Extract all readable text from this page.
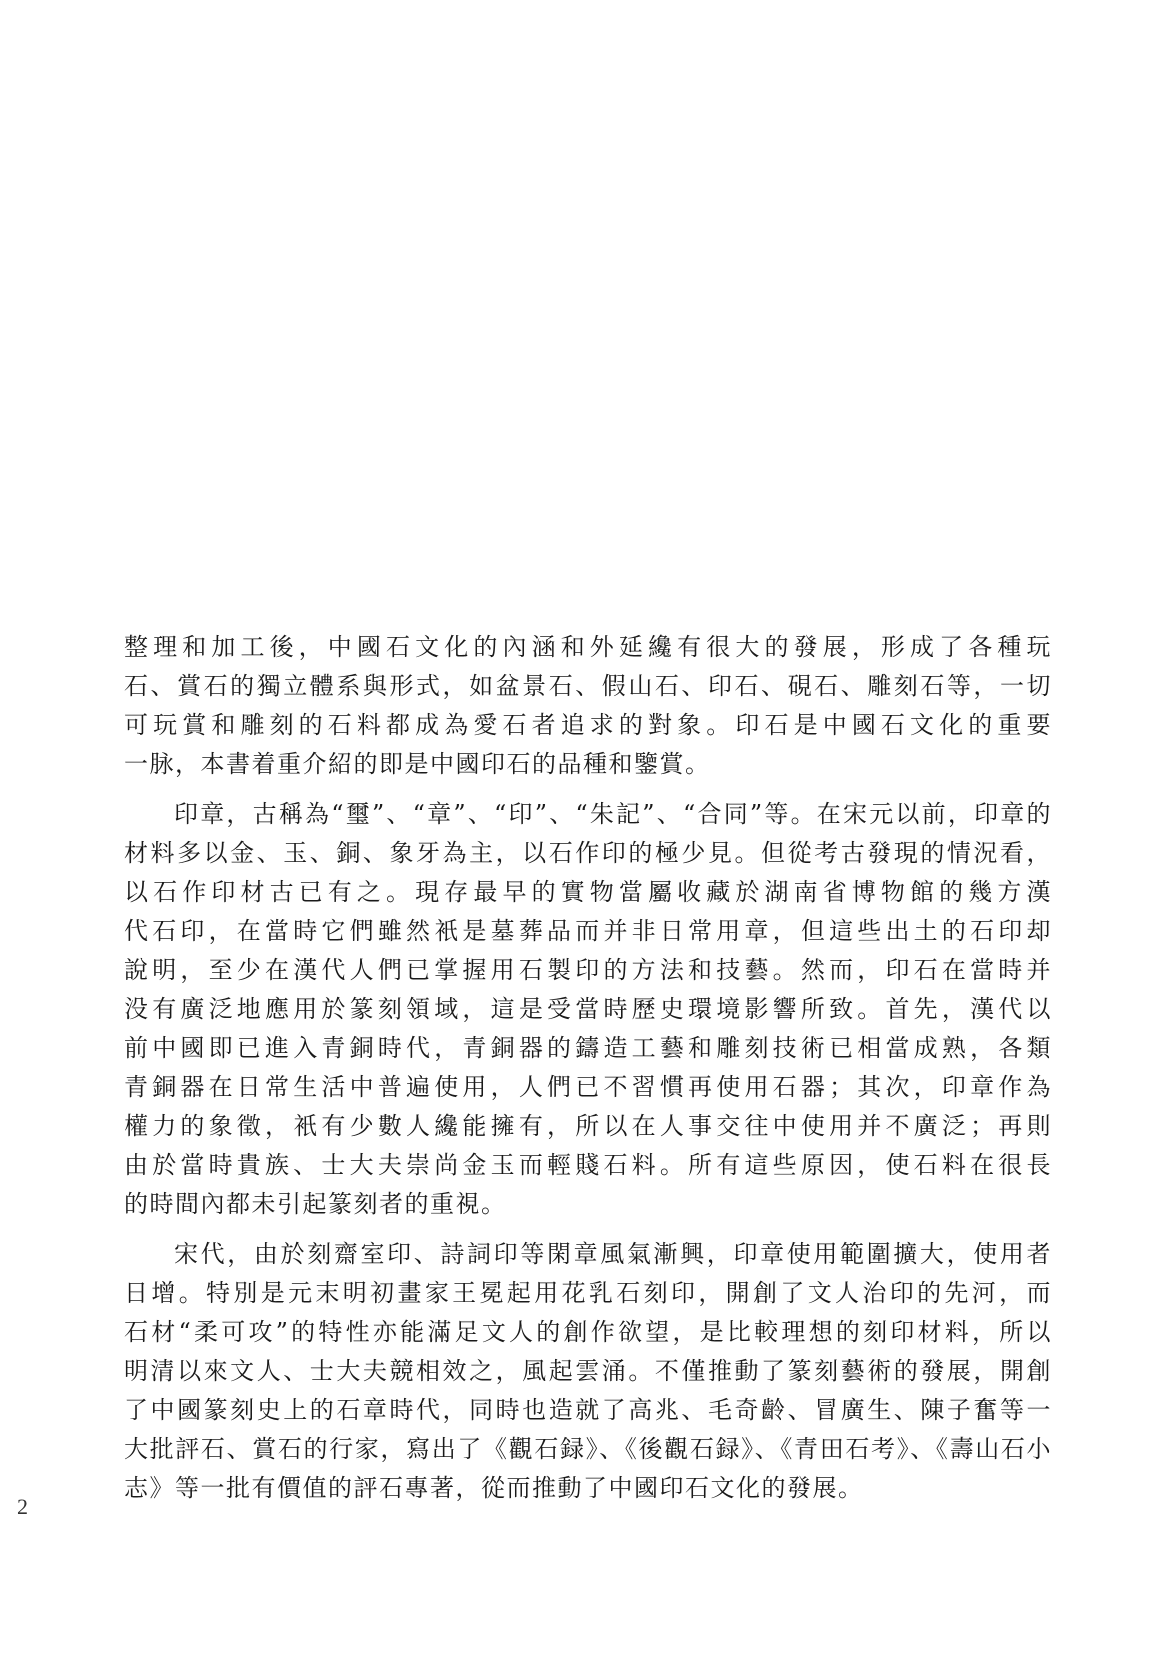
整理和加工後，中國石文化的內涵和外延纔有很大的發展，形成了各種玩
石、賞石的獨立體系與形式，如盆景石、假山石、印石、硯石、雕刻石等，一切
可玩賞和雕刻的石料都成為愛石者追求的對象。印石是中國石文化的重要
一脉，本書着重介紹的即是中國印石的品種和鑒賞。
印章，古稱為“璽”、“章”、“印”、“朱記”、“合同”等。在宋元以前，印章的
材料多以金、玉、銅、象牙為主，以石作印的極少見。但從考古發現的情況看，
以石作印材古已有之。現存最早的實物當屬收藏於湖南省博物館的幾方漢
代石印，在當時它們雖然衹是墓葬品而并非日常用章，但這些出土的石印却
說明，至少在漢代人們已掌握用石製印的方法和技藝。然而，印石在當時并
没有廣泛地應用於篆刻領域，這是受當時歷史環境影響所致。首先，漢代以
前中國即已進入青銅時代，青銅器的鑄造工藝和雕刻技術已相當成熟，各類
青銅器在日常生活中普遍使用，人們已不習慣再使用石器；其次，印章作為
權力的象徵，衹有少數人纔能擁有，所以在人事交往中使用并不廣泛；再則
由於當時貴族、士大夫崇尚金玉而輕賤石料。所有這些原因，使石料在很長
的時間內都未引起篆刻者的重視。
宋代，由於刻齋室印、詩詞印等閑章風氣漸興，印章使用範圍擴大，使用者
日增。特別是元末明初畫家王冕起用花乳石刻印，開創了文人治印的先河，而
石材“柔可攻”的特性亦能滿足文人的創作欲望，是比較理想的刻印材料，所以
明清以來文人、士大夫競相效之，風起雲涌。不僅推動了篆刻藝術的發展，開創
了中國篆刻史上的石章時代，同時也造就了高兆、毛奇齡、冒廣生、陳子奮等一
大批評石、賞石的行家，寫出了《觀石録》、《後觀石録》、《青田石考》、《壽山石小
志》等一批有價值的評石專著，從而推動了中國印石文化的發展。
2
